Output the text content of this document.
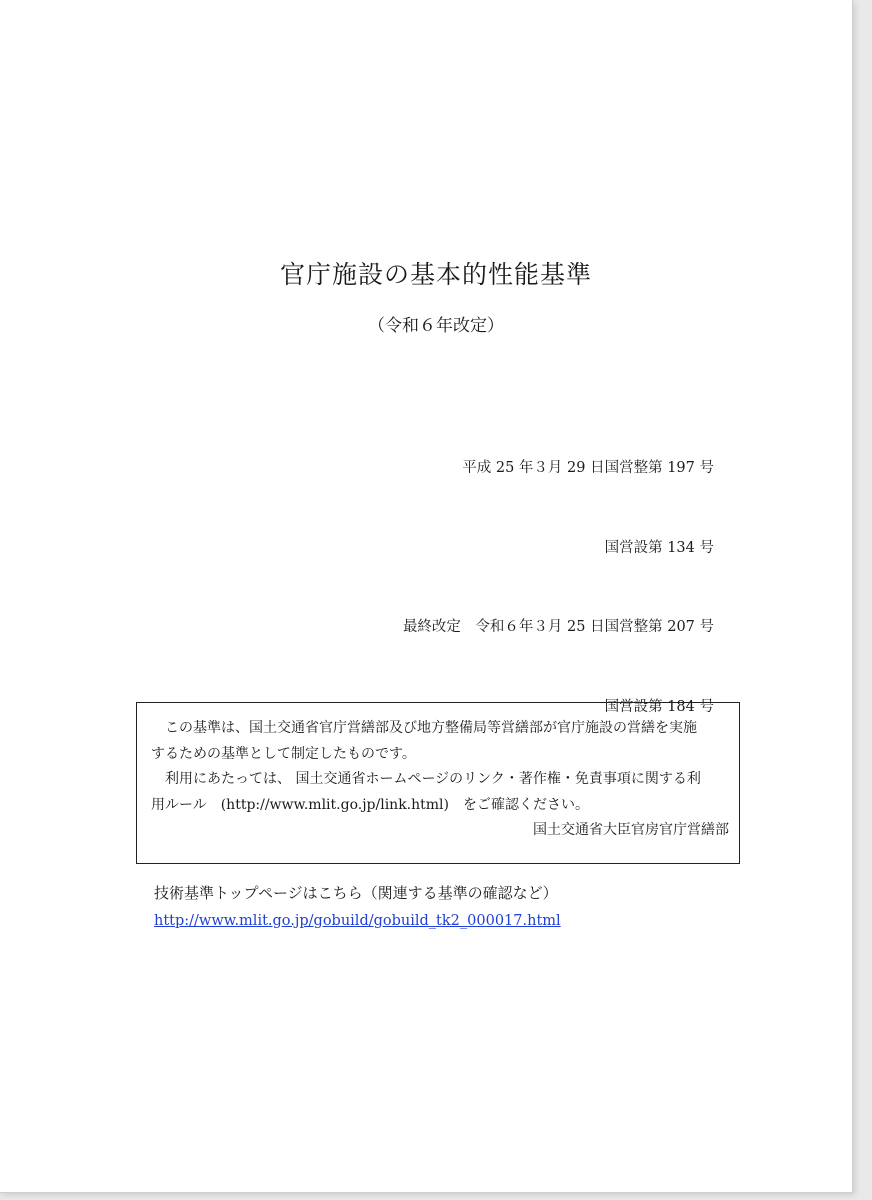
官庁施設の基本的性能基準
（令和６年改定）

平成 25 年３月 29 日国営整第 197 号

国営設第 134 号

最終改定　令和６年３月 25 日国営整第 207 号

国営設第 184 号

　この基準は、国土交通省官庁営繕部及び地方整備局等営繕部が官庁施設の営繕を実施

するための基準として制定したものです。

　利用にあたっては、 国土交通省ホームページのリンク・著作権・免責事項に関する利

用ルール　(http://www.mlit.go.jp/link.html)　をご確認ください。

国土交通省大臣官房官庁営繕部

技術基準トップページはこちら（関連する基準の確認など）
http://www.mlit.go.jp/gobuild/gobuild_tk2_000017.html
